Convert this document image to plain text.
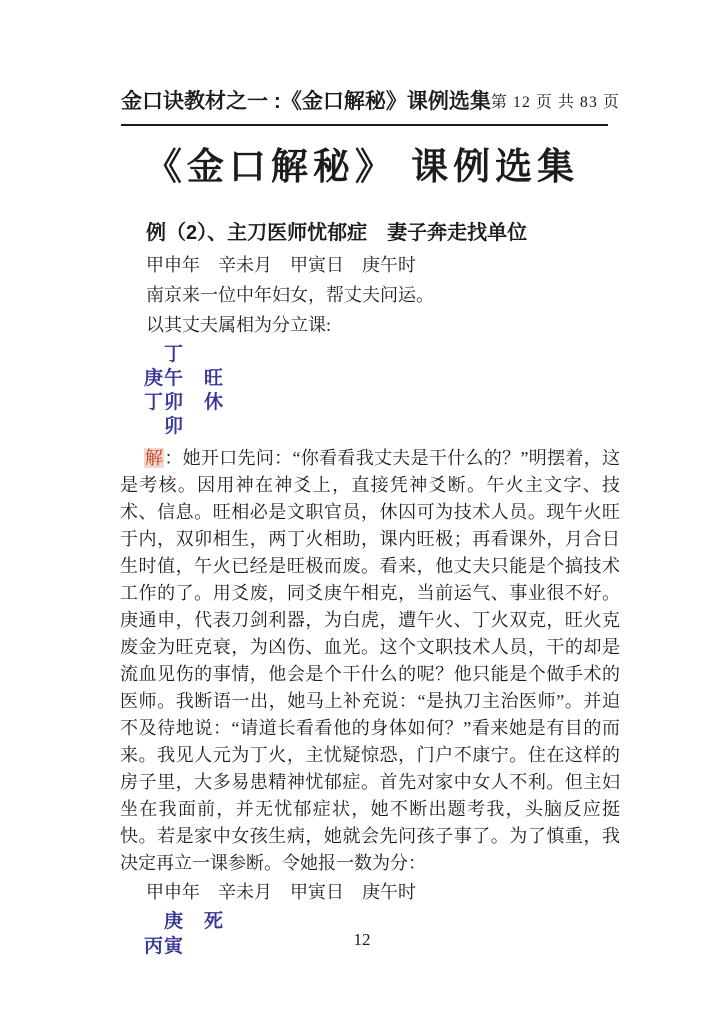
金口诀教材之一 :《金口解秘》课例选集 第 12 页 共 83 页
《金口解秘》 课例选集
例（2）、主刀医师忧郁症　妻子奔走找单位
甲申年　辛未月　甲寅日　庚午时
南京来一位中年妇女，帮丈夫问运。
以其丈夫属相为分立课:
　丁
庚午　旺
丁卯　休
　卯

解：她开口先问：“你看看我丈夫是干什么的？”明摆着，这是考核。因用神在神爻上，直接凭神爻断。午火主文字、技术、信息。旺相必是文职官员，休囚可为技术人员。现午火旺于内，双卯相生，两丁火相助，课内旺极；再看课外，月合日生时值，午火已经是旺极而废。看来，他丈夫只能是个搞技术工作的了。用爻废，同爻庚午相克，当前运气、事业很不好。庚通申，代表刀剑利器，为白虎，遭午火、丁火双克，旺火克废金为旺克衰，为凶伤、血光。这个文职技术人员，干的却是流血见伤的事情，他会是个干什么的呢？他只能是个做手术的医师。我断语一出，她马上补充说：“是执刀主治医师”。并迫不及待地说：“请道长看看他的身体如何？”看来她是有目的而来。我见人元为丁火，主忧疑惊恐，门户不康宁。住在这样的房子里，大多易患精神忧郁症。首先对家中女人不利。但主妇坐在我面前，并无忧郁症状，她不断出题考我，头脑反应挺快。若是家中女孩生病，她就会先问孩子事了。为了慎重，我决定再立一课参断。令她报一数为分：

甲申年　辛未月　甲寅日　庚午时
　庚　死
丙寅	12
